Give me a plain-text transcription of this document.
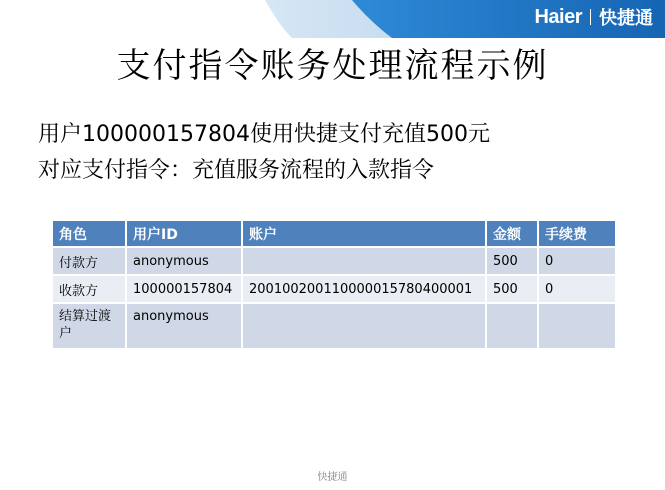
Haier 快捷通
支付指令账务处理流程示例
用户100000157804使用快捷支付充值500元
对应支付指令：充值服务流程的入款指令
角色	用户ID	账户	金额	手续费
付款方	anonymous		500	0
收款方	100000157804	200100200110000015780400001	500	0
结算过渡户	anonymous			
快捷通
